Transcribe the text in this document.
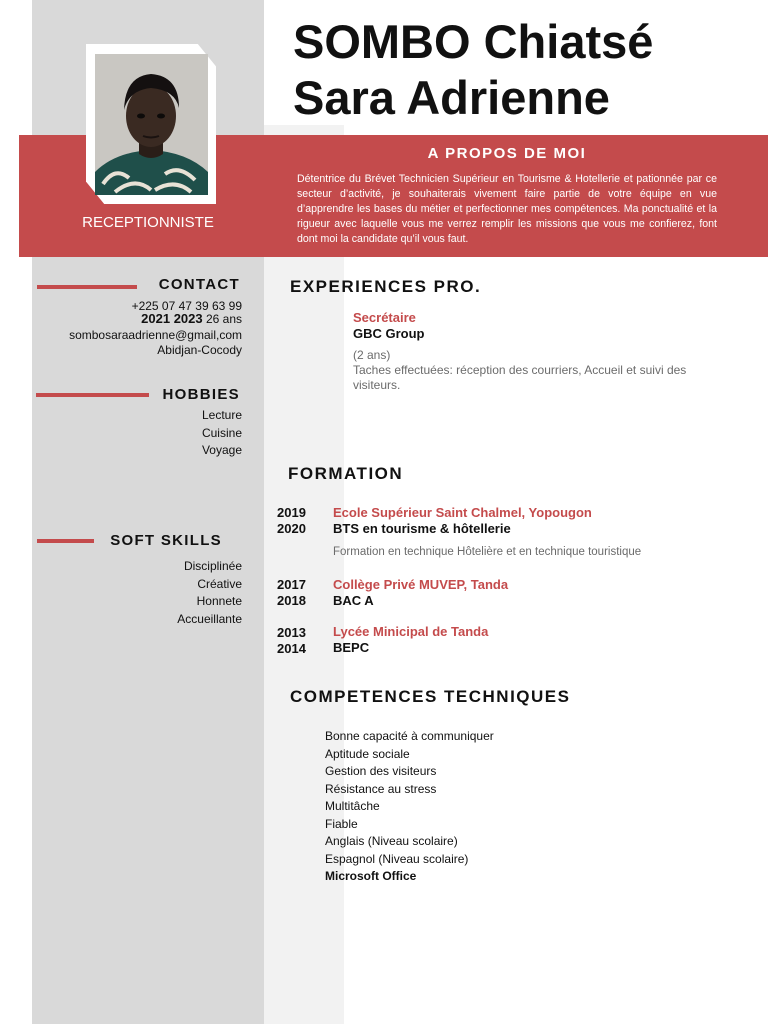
SOMBO Chiatsé
Sara Adrienne
RECEPTIONNISTE
A PROPOS DE MOI
Détentrice du Brévet Technicien Supérieur en Tourisme & Hotellerie et pationnée par ce secteur d’activité, je souhaiterais vivement faire partie de votre équipe en vue d’apprendre les bases du métier et perfectionner mes compétences. Ma ponctualité et la rigueur avec laquelle vous me verrez remplir les missions que vous me confierez, font dont moi la candidate qu’il vous faut.
CONTACT
+225 07 47 39 63 99
2021 2023 26 ans
sombosaraadrienne@gmail,com
Abidjan-Cocody
HOBBIES
Lecture
Cuisine
Voyage
SOFT SKILLS
Disciplinée
Créative
Honnete
Accueillante
EXPERIENCES PRO.
Secrétaire
GBC Group
(2 ans)
Taches effectuées: réception des courriers, Accueil et suivi des visiteurs.
FORMATION
2019
2020
Ecole Supérieur Saint Chalmel, Yopougon
BTS en tourisme & hôtellerie
Formation en technique Hôtelière et en technique touristique
2017
2018
Collège Privé MUVEP, Tanda
BAC A
2013
2014
Lycée Minicipal de Tanda
BEPC
COMPETENCES TECHNIQUES
Bonne capacité à communiquer
Aptitude sociale
Gestion des visiteurs
Résistance au stress
Multitâche
Fiable
Anglais (Niveau scolaire)
Espagnol (Niveau scolaire)
Microsoft Office
